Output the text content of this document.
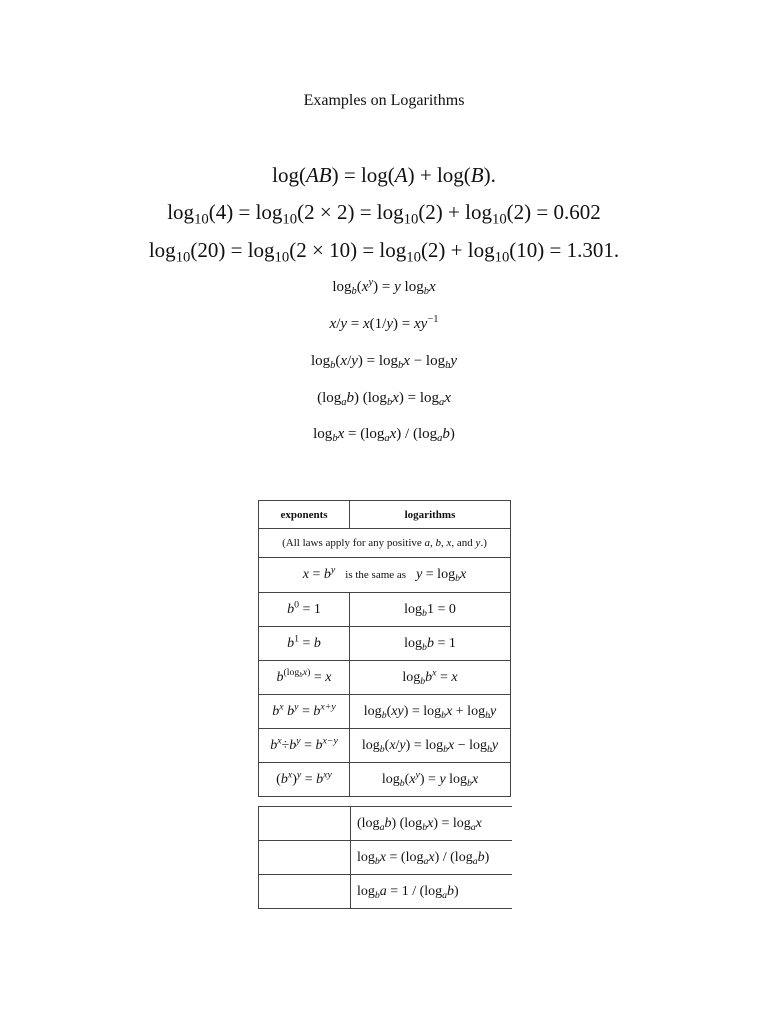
Examples on Logarithms
log(AB) = log(A) + log(B).
$\log_{10}(4) = \log_{10}(2 \times 2) = \log_{10}(2) + \log_{10}(2) = 0.602$
$\log_{10}(20) = \log_{10}(2 \times 10) = \log_{10}(2) + \log_{10}(10) = 1.301$.
$\log_b(x^y) = y$ $\log_bx$
$x/y = x(1/y) = xy^{-1}$
$\log_b(x/y) = \log_bx - \log_by$
$(\log_ab) (\log_bx) = \log_ax$
$\log_bx = (\log_ax) / (\log_ab)$
exponents	logarithms
(All laws apply for any positive a, b, x, and y.)	
$x = b^y$ is the same as $y = \log_bx$	
$b^0 = 1$	$\log_b1 = 0$
$b^1 = b$	$\log_bb = 1$
$b^{(log_bx)} = x$	$\log_bb^x = x$
$b^x$ $b^y = b^{x+y}$	$\log_b(xy) = \log_bx + \log_by$
$b^x\div b^y = b^{x-y}$	$\log_b(x/y) = \log_bx - \log_by$
$(b^x)^y = b^{xy}$	$\log_b(x^y) = y$ $\log_bx$
	$(\log_ab) (\log_bx) = \log_ax$
	$\log_bx = (\log_ax) / (\log_ab)$
	$\log_ba = 1 / (\log_ab)$
